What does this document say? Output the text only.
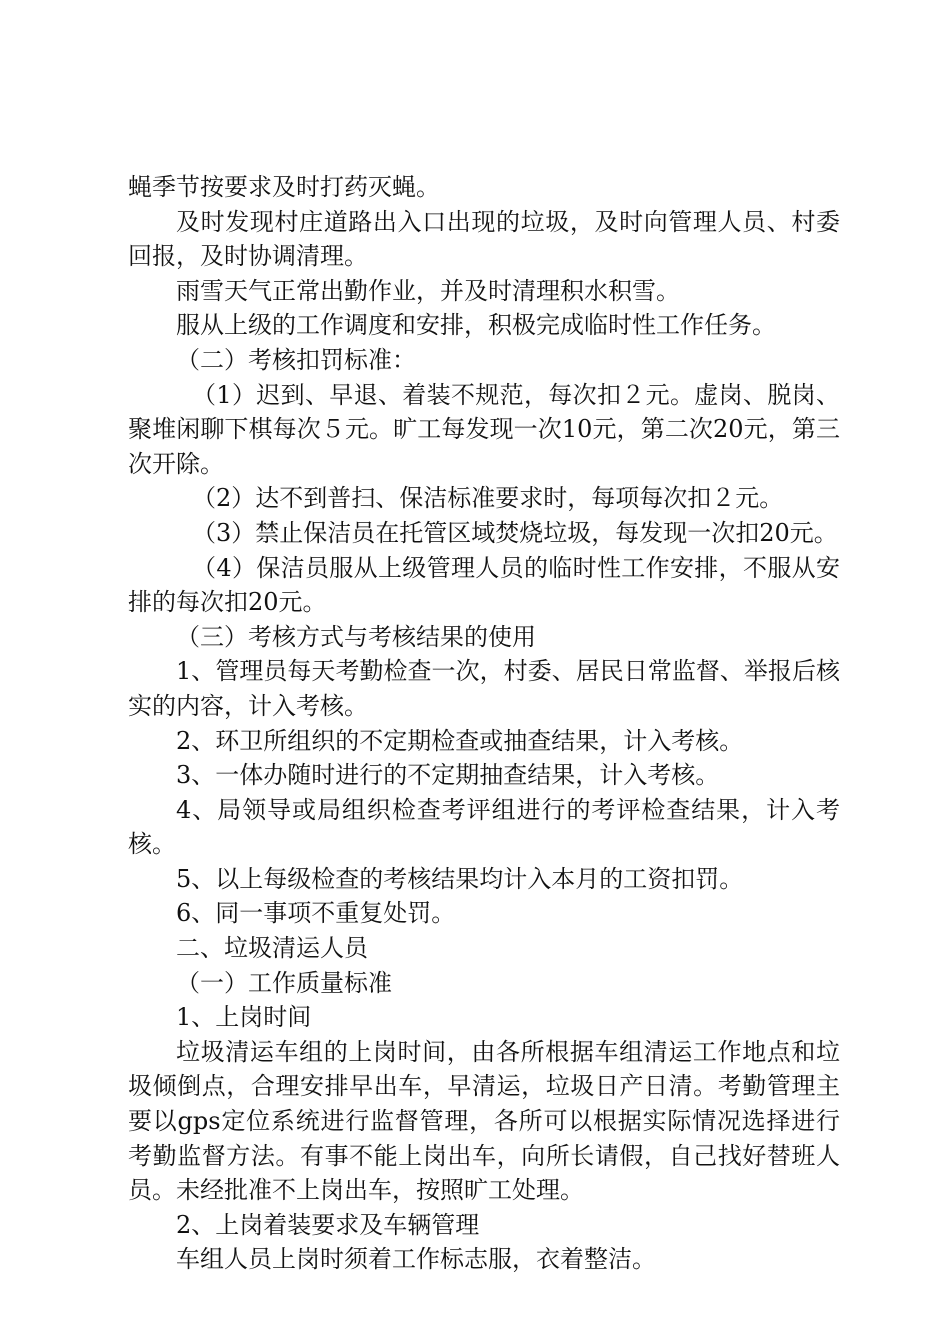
蝇季节按要求及时打药灭蝇。

及时发现村庄道路出入口出现的垃圾，及时向管理人员、村委回报，及时协调清理。

雨雪天气正常出勤作业，并及时清理积水积雪。

服从上级的工作调度和安排，积极完成临时性工作任务。

（二）考核扣罚标准：

（1）迟到、早退、着装不规范，每次扣２元。虚岗、脱岗、聚堆闲聊下棋每次５元。旷工每发现一次10元，第二次20元，第三次开除。

（2）达不到普扫、保洁标准要求时，每项每次扣２元。

（3）禁止保洁员在托管区域焚烧垃圾，每发现一次扣20元。

（4）保洁员服从上级管理人员的临时性工作安排，不服从安排的每次扣20元。

（三）考核方式与考核结果的使用

1、管理员每天考勤检查一次，村委、居民日常监督、举报后核实的内容，计入考核。

2、环卫所组织的不定期检查或抽查结果，计入考核。

3、一体办随时进行的不定期抽查结果，计入考核。

4、局领导或局组织检查考评组进行的考评检查结果，计入考核。

5、以上每级检查的考核结果均计入本月的工资扣罚。

6、同一事项不重复处罚。

二、垃圾清运人员

（一）工作质量标准

1、上岗时间

垃圾清运车组的上岗时间，由各所根据车组清运工作地点和垃圾倾倒点，合理安排早出车，早清运，垃圾日产日清。考勤管理主要以gps定位系统进行监督管理，各所可以根据实际情况选择进行考勤监督方法。有事不能上岗出车，向所长请假，自己找好替班人员。未经批准不上岗出车，按照旷工处理。

2、上岗着装要求及车辆管理

车组人员上岗时须着工作标志服，衣着整洁。
